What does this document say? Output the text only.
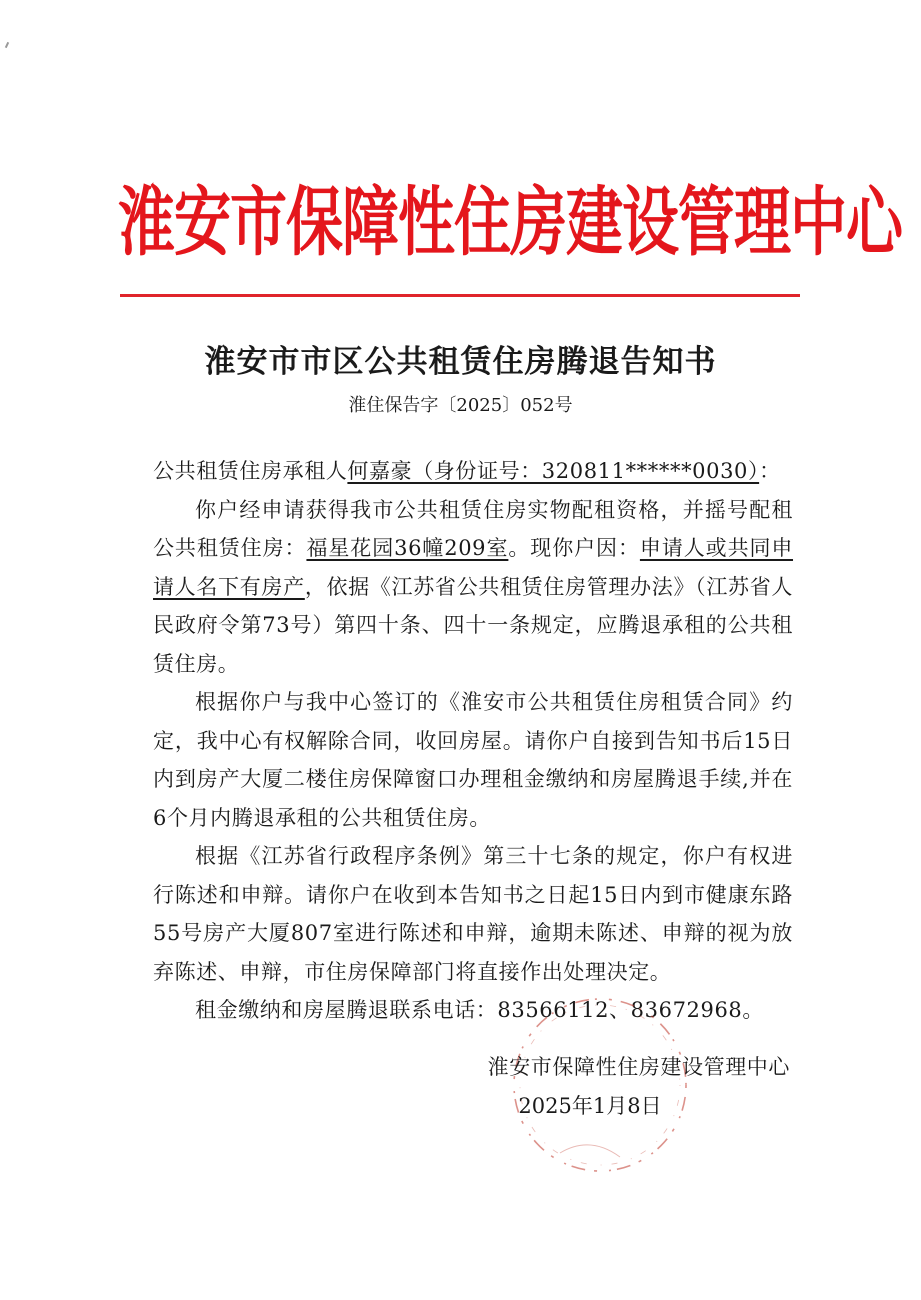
淮安市保障性住房建设管理中心
淮安市市区公共租赁住房腾退告知书
淮住保告字〔2025〕052号

公共租赁住房承租人何嘉豪（身份证号：320811******0030）：

你户经申请获得我市公共租赁住房实物配租资格，并摇号配租公共租赁住房：福星花园36幢209室。现你户因：申请人或共同申请人名下有房产，依据《江苏省公共租赁住房管理办法》（江苏省人民政府令第73号）第四十条、四十一条规定，应腾退承租的公共租赁住房。

根据你户与我中心签订的《淮安市公共租赁住房租赁合同》约定，我中心有权解除合同，收回房屋。请你户自接到告知书后15日内到房产大厦二楼住房保障窗口办理租金缴纳和房屋腾退手续,并在6个月内腾退承租的公共租赁住房。

根据《江苏省行政程序条例》第三十七条的规定，你户有权进行陈述和申辩。请你户在收到本告知书之日起15日内到市健康东路55号房产大厦807室进行陈述和申辩，逾期未陈述、申辩的视为放弃陈述、申辩，市住房保障部门将直接作出处理决定。

租金缴纳和房屋腾退联系电话：83566112、83672968。

淮安市保障性住房建设管理中心
2025年1月8日
